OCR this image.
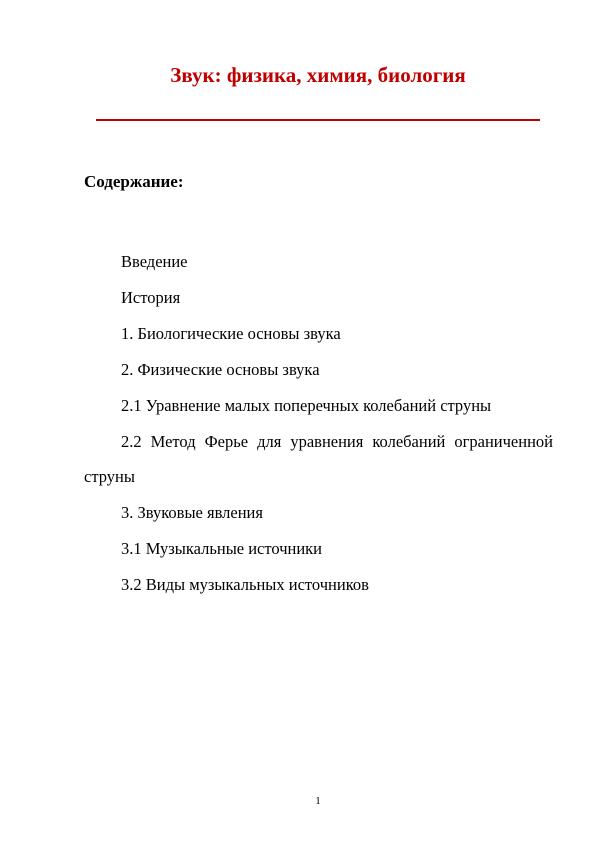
Звук: физика, химия, биология
Содержание:
Введение
История
1. Биологические основы звука
2. Физические основы звука
2.1 Уравнение малых поперечных колебаний струны
2.2 Метод Ферье для уравнения колебаний ограниченной струны
3. Звуковые явления
3.1 Музыкальные источники
3.2 Виды музыкальных источников
1
